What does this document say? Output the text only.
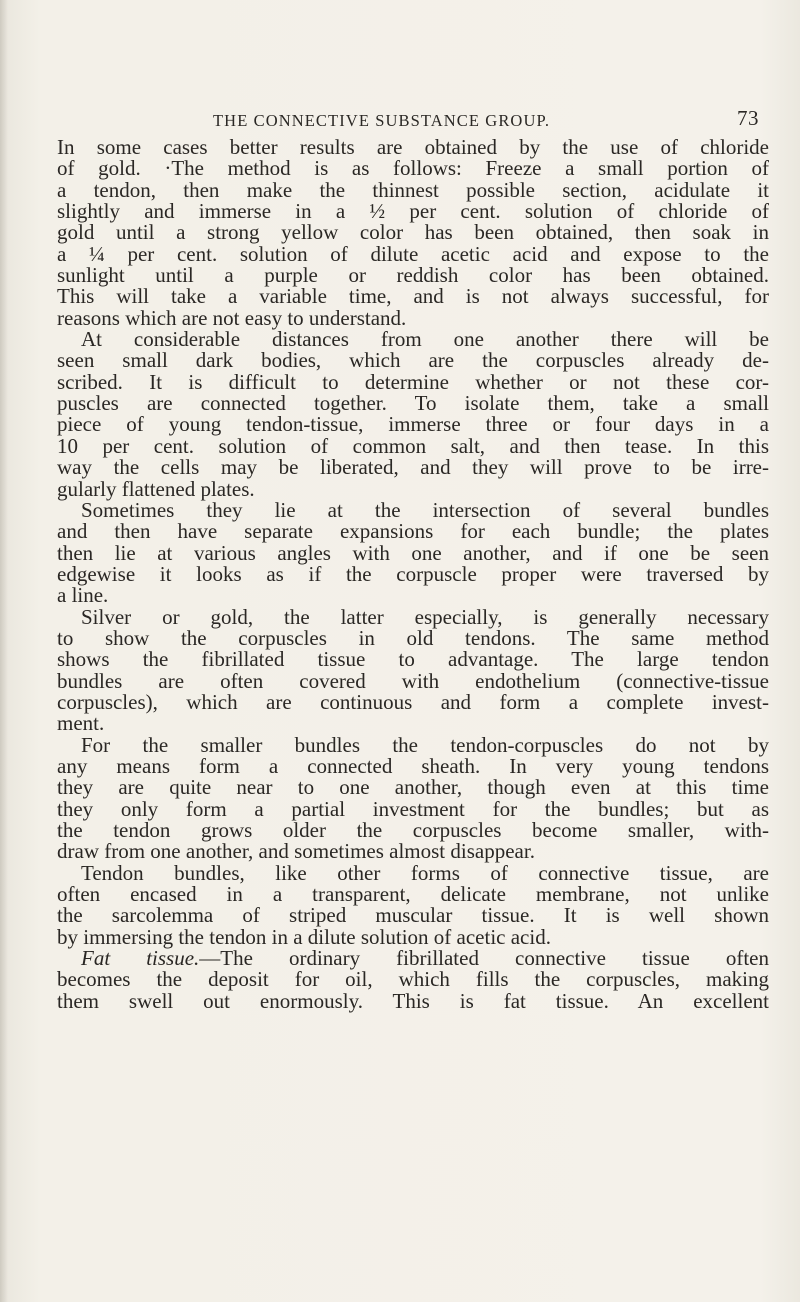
THE CONNECTIVE SUBSTANCE GROUP.	73
In some cases better results are obtained by the use of chloride
of gold. ·The method is as follows: Freeze a small portion of
a tendon, then make the thinnest possible section, acidulate it
slightly and immerse in a ½ per cent. solution of chloride of
gold until a strong yellow color has been obtained, then soak in
a ¼ per cent. solution of dilute acetic acid and expose to the
sunlight until a purple or reddish color has been obtained.
This will take a variable time, and is not always successful, for
reasons which are not easy to understand.
At considerable distances from one another there will be
seen small dark bodies, which are the corpuscles already de-
scribed. It is difficult to determine whether or not these cor-
puscles are connected together. To isolate them, take a small
piece of young tendon-tissue, immerse three or four days in a
10 per cent. solution of common salt, and then tease. In this
way the cells may be liberated, and they will prove to be irre-
gularly flattened plates.
Sometimes they lie at the intersection of several bundles
and then have separate expansions for each bundle; the plates
then lie at various angles with one another, and if one be seen
edgewise it looks as if the corpuscle proper were traversed by
a line.
Silver or gold, the latter especially, is generally necessary
to show the corpuscles in old tendons. The same method
shows the fibrillated tissue to advantage. The large tendon
bundles are often covered with endothelium (connective-tissue
corpuscles), which are continuous and form a complete invest-
ment.
For the smaller bundles the tendon-corpuscles do not by
any means form a connected sheath. In very young tendons
they are quite near to one another, though even at this time
they only form a partial investment for the bundles; but as
the tendon grows older the corpuscles become smaller, with-
draw from one another, and sometimes almost disappear.
Tendon bundles, like other forms of connective tissue, are
often encased in a transparent, delicate membrane, not unlike
the sarcolemma of striped muscular tissue. It is well shown
by immersing the tendon in a dilute solution of acetic acid.
Fat tissue.—The ordinary fibrillated connective tissue often
becomes the deposit for oil, which fills the corpuscles, making
them swell out enormously. This is fat tissue. An excellent
